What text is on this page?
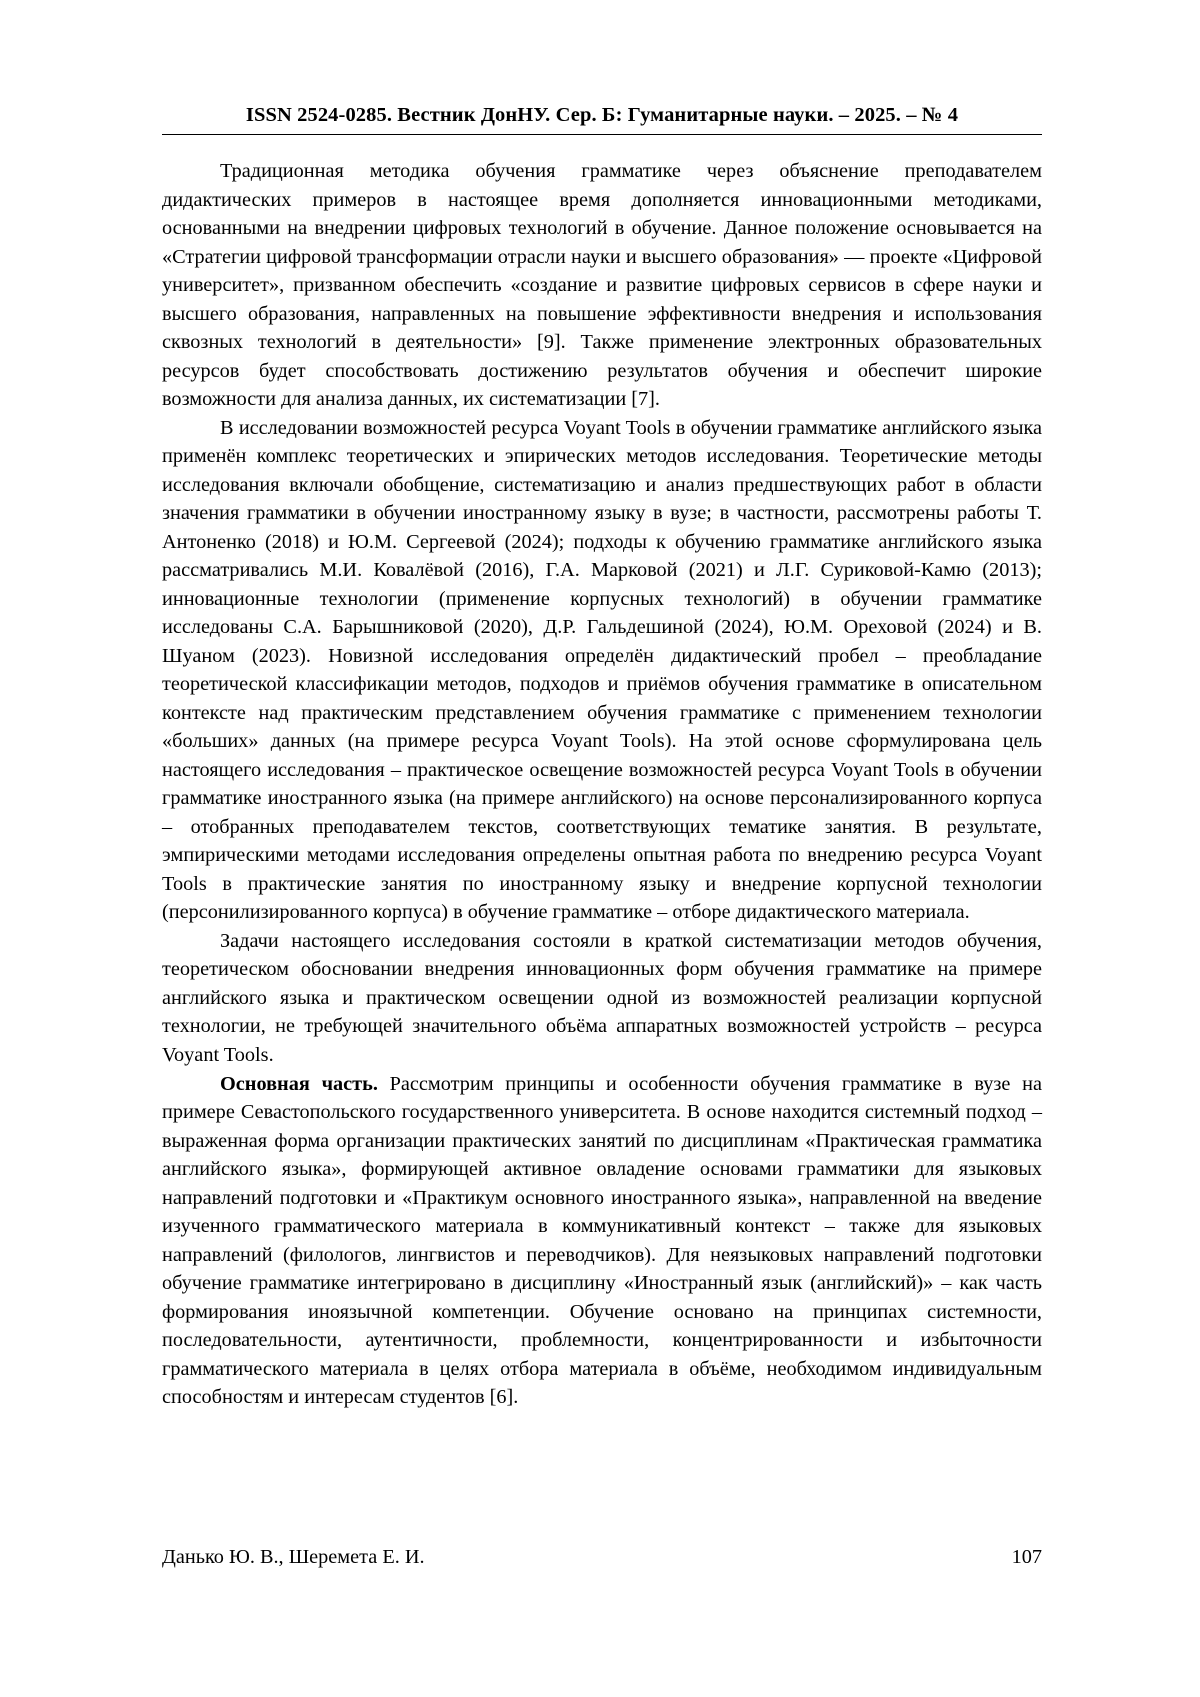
ISSN 2524-0285. Вестник ДонНУ. Сер. Б: Гуманитарные науки. – 2025. – № 4

Традиционная методика обучения грамматике через объяснение преподавателем дидактических примеров в настоящее время дополняется инновационными методиками, основанными на внедрении цифровых технологий в обучение. Данное положение основывается на «Стратегии цифровой трансформации отрасли науки и высшего образования» — проекте «Цифровой университет», призванном обеспечить «создание и развитие цифровых сервисов в сфере науки и высшего образования, направленных на повышение эффективности внедрения и использования сквозных технологий в деятельности» [9]. Также применение электронных образовательных ресурсов будет способствовать достижению результатов обучения и обеспечит широкие возможности для анализа данных, их систематизации [7].

В исследовании возможностей ресурса Voyant Tools в обучении грамматике английского языка применён комплекс теоретических и эпирических методов исследования. Теоретические методы исследования включали обобщение, систематизацию и анализ предшествующих работ в области значения грамматики в обучении иностранному языку в вузе; в частности, рассмотрены работы Т. Антоненко (2018) и Ю.М. Сергеевой (2024); подходы к обучению грамматике английского языка рассматривались М.И. Ковалёвой (2016), Г.А. Марковой (2021) и Л.Г. Суриковой-Камю (2013); инновационные технологии (применение корпусных технологий) в обучении грамматике исследованы С.А. Барышниковой (2020), Д.Р. Гальдешиной (2024), Ю.М. Ореховой (2024) и В. Шуаном (2023). Новизной исследования определён дидактический пробел – преобладание теоретической классификации методов, подходов и приёмов обучения грамматике в описательном контексте над практическим представлением обучения грамматике с применением технологии «больших» данных (на примере ресурса Voyant Tools). На этой основе сформулирована цель настоящего исследования – практическое освещение возможностей ресурса Voyant Tools в обучении грамматике иностранного языка (на примере английского) на основе персонализированного корпуса – отобранных преподавателем текстов, соответствующих тематике занятия. В результате, эмпирическими методами исследования определены опытная работа по внедрению ресурса Voyant Tools в практические занятия по иностранному языку и внедрение корпусной технологии (персонилизированного корпуса) в обучение грамматике – отборе дидактического материала.

Задачи настоящего исследования состояли в краткой систематизации методов обучения, теоретическом обосновании внедрения инновационных форм обучения грамматике на примере английского языка и практическом освещении одной из возможностей реализации корпусной технологии, не требующей значительного объёма аппаратных возможностей устройств – ресурса Voyant Tools.

Основная часть. Рассмотрим принципы и особенности обучения грамматике в вузе на примере Севастопольского государственного университета. В основе находится системный подход – выраженная форма организации практических занятий по дисциплинам «Практическая грамматика английского языка», формирующей активное овладение основами грамматики для языковых направлений подготовки и «Практикум основного иностранного языка», направленной на введение изученного грамматического материала в коммуникативный контекст – также для языковых направлений (филологов, лингвистов и переводчиков). Для неязыковых направлений подготовки обучение грамматике интегрировано в дисциплину «Иностранный язык (английский)» – как часть формирования иноязычной компетенции. Обучение основано на принципах системности, последовательности, аутентичности, проблемности, концентрированности и избыточности грамматического материала в целях отбора материала в объёме, необходимом индивидуальным способностям и интересам студентов [6].

Данько Ю. В., Шеремета Е. И.	107
